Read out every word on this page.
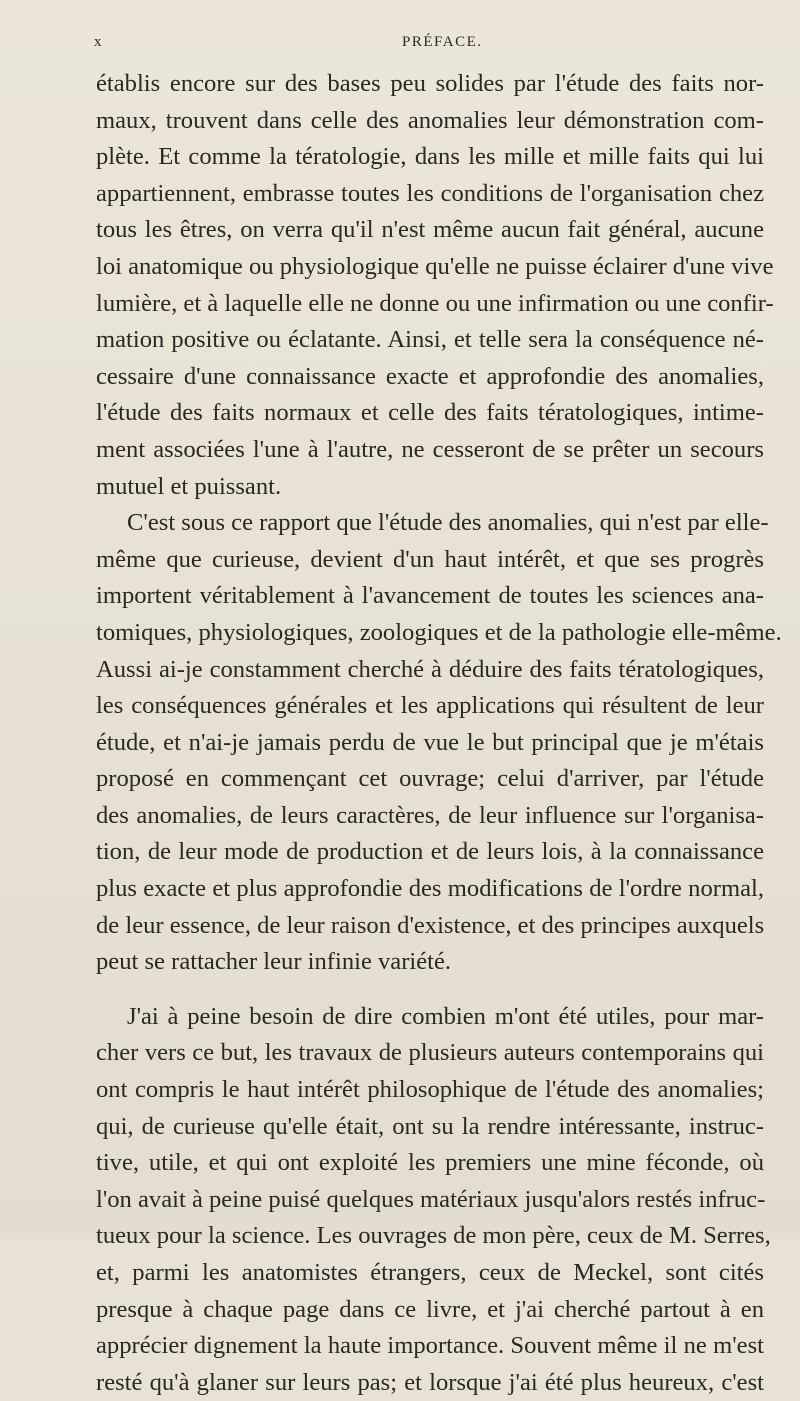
x	PRÉFACE.

établis encore sur des bases peu solides par l'étude des faits nor-
maux, trouvent dans celle des anomalies leur démonstration com-
plète. Et comme la tératologie, dans les mille et mille faits qui lui
appartiennent, embrasse toutes les conditions de l'organisation chez
tous les êtres, on verra qu'il n'est même aucun fait général, aucune
loi anatomique ou physiologique qu'elle ne puisse éclairer d'une vive
lumière, et à laquelle elle ne donne ou une infirmation ou une confir-
mation positive ou éclatante. Ainsi, et telle sera la conséquence né-
cessaire d'une connaissance exacte et approfondie des anomalies,
l'étude des faits normaux et celle des faits tératologiques, intime-
ment associées l'une à l'autre, ne cesseront de se prêter un secours
mutuel et puissant.

C'est sous ce rapport que l'étude des anomalies, qui n'est par elle-
même que curieuse, devient d'un haut intérêt, et que ses progrès
importent véritablement à l'avancement de toutes les sciences ana-
tomiques, physiologiques, zoologiques et de la pathologie elle-même.
Aussi ai-je constamment cherché à déduire des faits tératologiques,
les conséquences générales et les applications qui résultent de leur
étude, et n'ai-je jamais perdu de vue le but principal que je m'étais
proposé en commençant cet ouvrage; celui d'arriver, par l'étude
des anomalies, de leurs caractères, de leur influence sur l'organisa-
tion, de leur mode de production et de leurs lois, à la connaissance
plus exacte et plus approfondie des modifications de l'ordre normal,
de leur essence, de leur raison d'existence, et des principes auxquels
peut se rattacher leur infinie variété.

J'ai à peine besoin de dire combien m'ont été utiles, pour mar-
cher vers ce but, les travaux de plusieurs auteurs contemporains qui
ont compris le haut intérêt philosophique de l'étude des anomalies;
qui, de curieuse qu'elle était, ont su la rendre intéressante, instruc-
tive, utile, et qui ont exploité les premiers une mine féconde, où
l'on avait à peine puisé quelques matériaux jusqu'alors restés infruc-
tueux pour la science. Les ouvrages de mon père, ceux de M. Serres,
et, parmi les anatomistes étrangers, ceux de Meckel, sont cités
presque à chaque page dans ce livre, et j'ai cherché partout à en
apprécier dignement la haute importance. Souvent même il ne m'est
resté qu'à glaner sur leurs pas; et lorsque j'ai été plus heureux, c'est
